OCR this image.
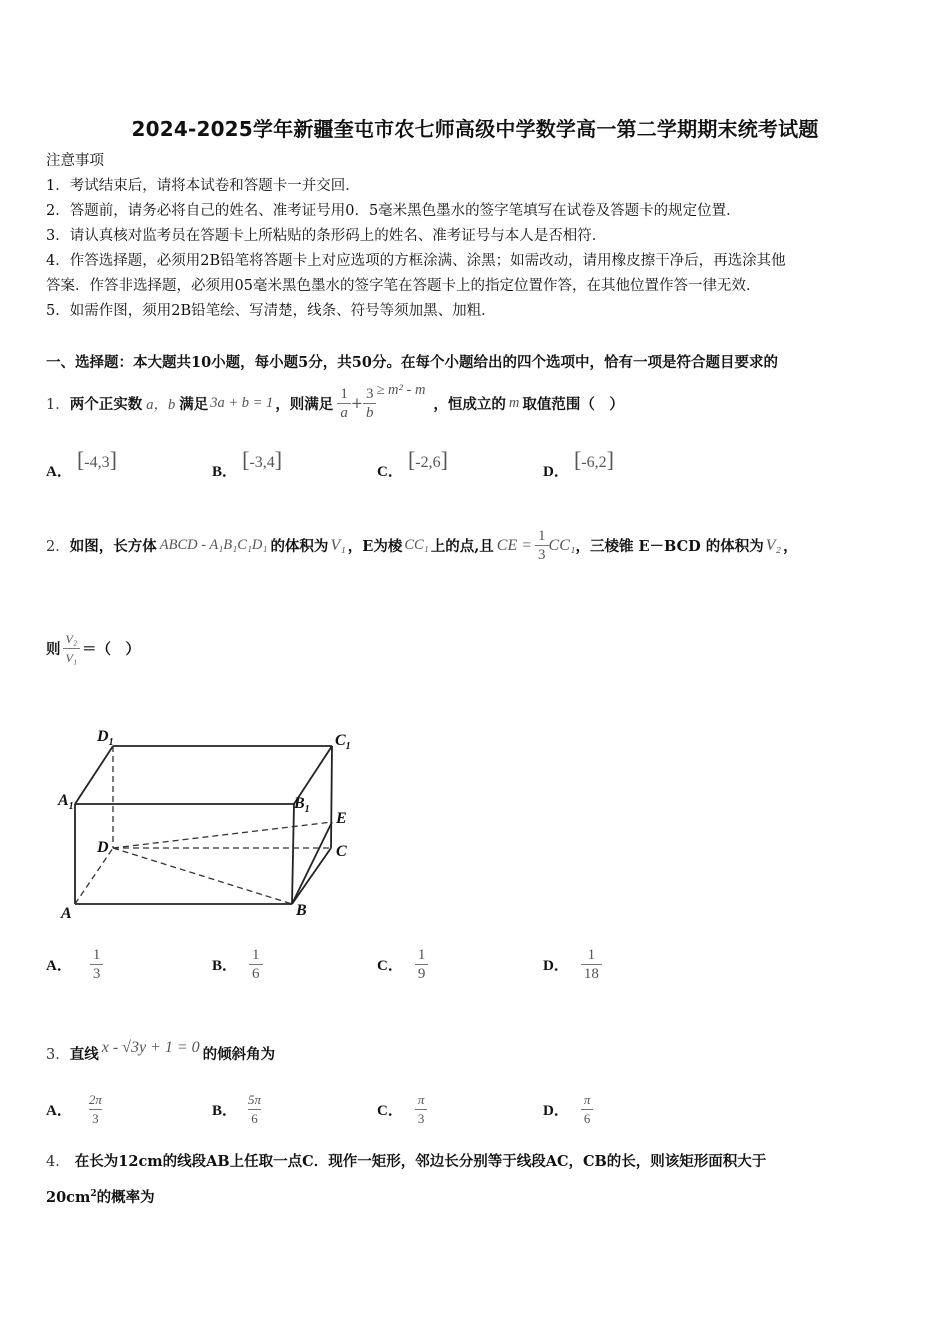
2024-2025学年新疆奎屯市农七师高级中学数学高一第二学期期末统考试题
注意事项
1．考试结束后，请将本试卷和答题卡一并交回．
2．答题前，请务必将自己的姓名、准考证号用0．5毫米黑色墨水的签字笔填写在试卷及答题卡的规定位置．
3．请认真核对监考员在答题卡上所粘贴的条形码上的姓名、准考证号与本人是否相符．
4．作答选择题，必须用2B铅笔将答题卡上对应选项的方框涂满、涂黑；如需改动，请用橡皮擦干净后，再选涂其他
答案．作答非选择题，必须用05毫米黑色墨水的签字笔在答题卡上的指定位置作答，在其他位置作答一律无效．
5．如需作图，须用2B铅笔绘、写清楚，线条、符号等须加黑、加粗．
一、选择题：本大题共10小题，每小题5分，共50分。在每个小题给出的四个选项中，恰有一项是符合题目要求的
1． 两个正实数 a，b 满足 3a + b = 1 ，则满足 $\frac{1}{a} + \frac{3}{b} \ge m^2 - m$
，恒成立的 m 取值范围（　）
A． [-4,3]	B． [-3,4]	C． [-2,6]	D． [-6,2]
2． 如图，长方体 ABCD - A₁B₁C₁D₁ 的体积为 V₁ ，E为棱 CC₁ 上的点,且 CE = $\frac{1}{3} CC_1$ ，三棱锥 E－BCD 的体积为 V₂ ，
则 $\frac{\text{V₂}}{\text{V₁}}$ ＝（　）
$D_1$	$C_1$
$A_1$	$B_1$
E
D	C
A	B
A． $\frac{1}{3}$	B． $\frac{1}{6}$	C． $\frac{1}{9}$	D． $\frac{1}{18}$
3． 直线 x - √3y + 1 = 0 的倾斜角为
A． $\frac{2\pi}{3}$	B． $\frac{5\pi}{6}$	C． $\frac{\pi}{3}$	D． $\frac{\pi}{6}$
4． 在长为12cm的线段AB上任取一点C．现作一矩形，邻边长分别等于线段AC，CB的长，则该矩形面积大于
$20cm^2$的概率为
